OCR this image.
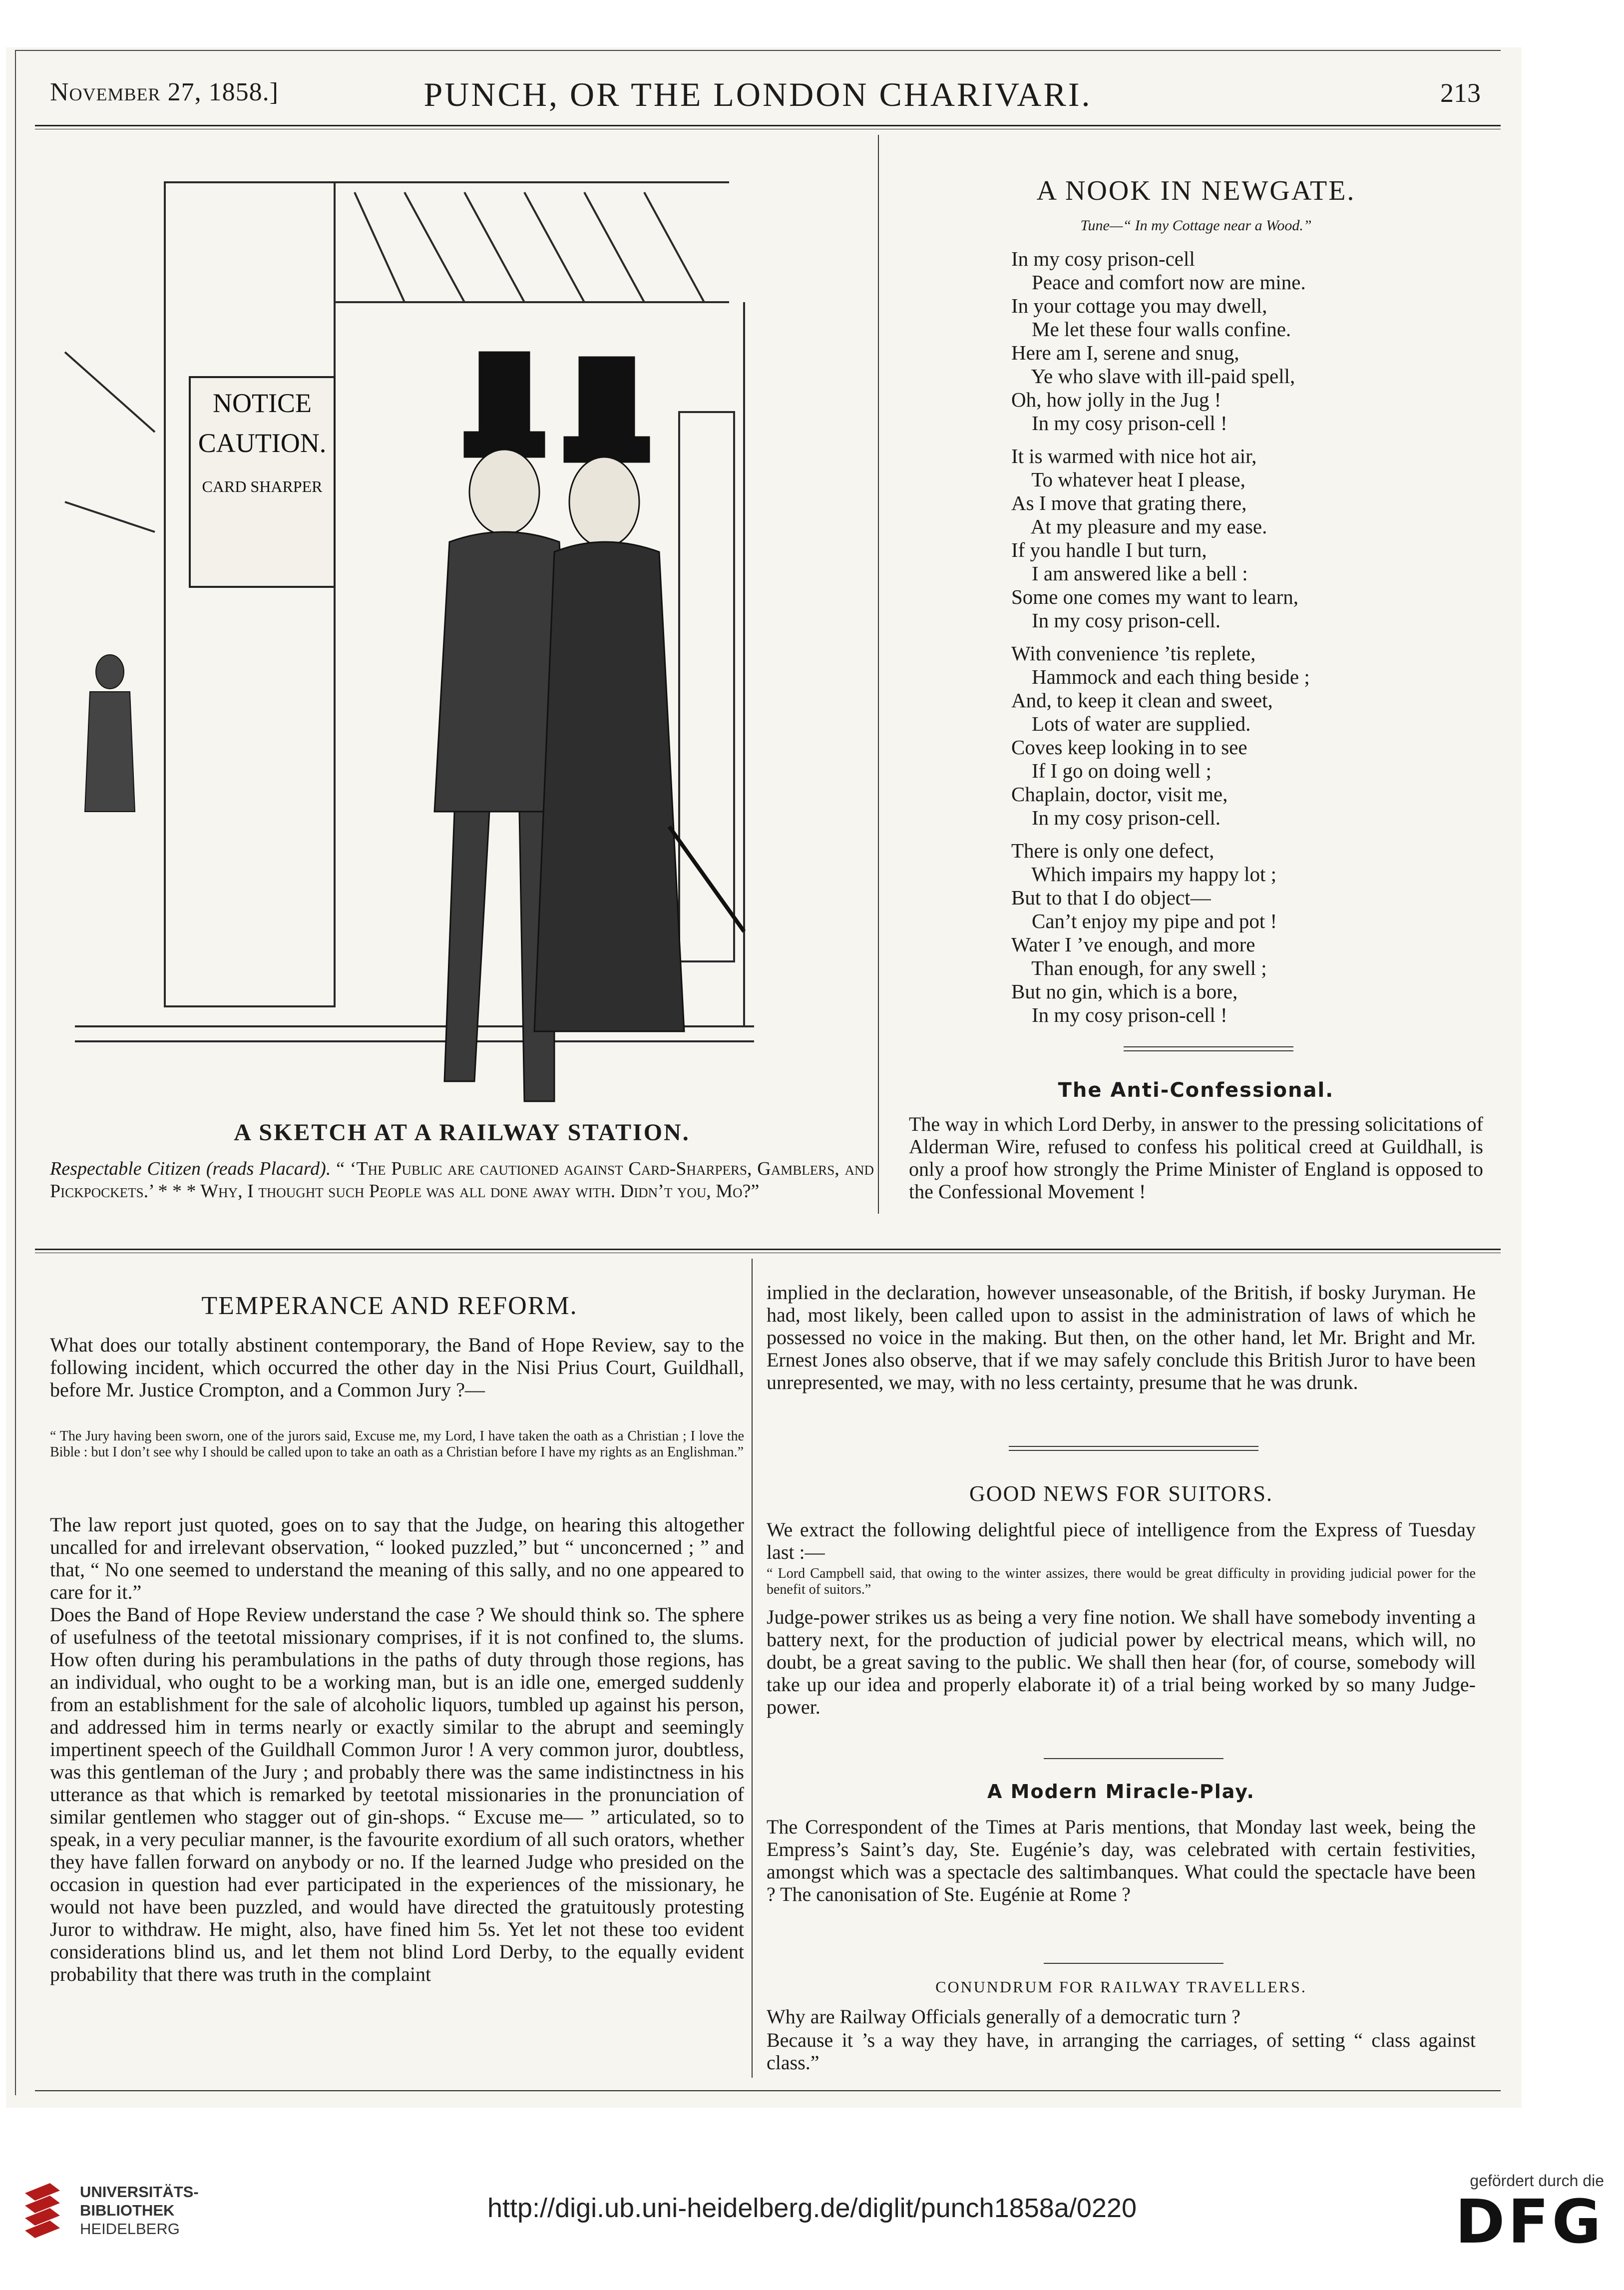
November 27, 1858.]	PUNCH, OR THE LONDON CHARIVARI.	213
NOTICE
CAUTION.
CARD SHARPER
A SKETCH AT A RAILWAY STATION.
Respectable Citizen (reads Placard). “ ‘The Public are cautioned against Card-Sharpers, Gamblers, and Pickpockets.’ * * * Why, I thought such People was all done away with. Didn’t you, Mo?”
A NOOK IN NEWGATE.
Tune—“ In my Cottage near a Wood.”
In my cosy prison-cell
Peace and comfort now are mine.
In your cottage you may dwell,
Me let these four walls confine.
Here am I, serene and snug,
Ye who slave with ill-paid spell,
Oh, how jolly in the Jug !
In my cosy prison-cell !
It is warmed with nice hot air,
To whatever heat I please,
As I move that grating there,
At my pleasure and my ease.
If you handle I but turn,
I am answered like a bell :
Some one comes my want to learn,
In my cosy prison-cell.
With convenience ’tis replete,
Hammock and each thing beside ;
And, to keep it clean and sweet,
Lots of water are supplied.
Coves keep looking in to see
If I go on doing well ;
Chaplain, doctor, visit me,
In my cosy prison-cell.
There is only one defect,
Which impairs my happy lot ;
But to that I do object—
Can’t enjoy my pipe and pot !
Water I ’ve enough, and more
Than enough, for any swell ;
But no gin, which is a bore,
In my cosy prison-cell !
The Anti-Confessional.
The way in which Lord Derby, in answer to the pressing solicitations of Alderman Wire, refused to confess his political creed at Guildhall, is only a proof how strongly the Prime Minister of England is opposed to the Confessional Movement !
TEMPERANCE AND REFORM.
What does our totally abstinent contemporary, the Band of Hope Review, say to the following incident, which occurred the other day in the Nisi Prius Court, Guildhall, before Mr. Justice Crompton, and a Common Jury ?—
“ The Jury having been sworn, one of the jurors said, Excuse me, my Lord, I have taken the oath as a Christian ; I love the Bible : but I don’t see why I should be called upon to take an oath as a Christian before I have my rights as an Englishman.”
The law report just quoted, goes on to say that the Judge, on hearing this altogether uncalled for and irrelevant observation, “ looked puzzled,” but “ unconcerned ; ” and that, “ No one seemed to understand the meaning of this sally, and no one appeared to care for it.”
Does the Band of Hope Review understand the case ? We should think so. The sphere of usefulness of the teetotal missionary comprises, if it is not confined to, the slums. How often during his perambulations in the paths of duty through those regions, has an individual, who ought to be a working man, but is an idle one, emerged suddenly from an establishment for the sale of alcoholic liquors, tumbled up against his person, and addressed him in terms nearly or exactly similar to the abrupt and seemingly impertinent speech of the Guildhall Common Juror ! A very common juror, doubtless, was this gentleman of the Jury ; and probably there was the same indistinctness in his utterance as that which is remarked by teetotal missionaries in the pronunciation of similar gentlemen who stagger out of gin-shops. “ Excuse me— ” articulated, so to speak, in a very peculiar manner, is the favourite exordium of all such orators, whether they have fallen forward on anybody or no. If the learned Judge who presided on the occasion in question had ever participated in the experiences of the missionary, he would not have been puzzled, and would have directed the gratuitously protesting Juror to withdraw. He might, also, have fined him 5s. Yet let not these too evident considerations blind us, and let them not blind Lord Derby, to the equally evident probability that there was truth in the complaint
implied in the declaration, however unseasonable, of the British, if bosky Juryman. He had, most likely, been called upon to assist in the administration of laws of which he possessed no voice in the making. But then, on the other hand, let Mr. Bright and Mr. Ernest Jones also observe, that if we may safely conclude this British Juror to have been unrepresented, we may, with no less certainty, presume that he was drunk.
GOOD NEWS FOR SUITORS.
We extract the following delightful piece of intelligence from the Express of Tuesday last :—
“ Lord Campbell said, that owing to the winter assizes, there would be great difficulty in providing judicial power for the benefit of suitors.”
Judge-power strikes us as being a very fine notion. We shall have somebody inventing a battery next, for the production of judicial power by electrical means, which will, no doubt, be a great saving to the public. We shall then hear (for, of course, somebody will take up our idea and properly elaborate it) of a trial being worked by so many Judge-power.
A Modern Miracle-Play.
The Correspondent of the Times at Paris mentions, that Monday last week, being the Empress’s Saint’s day, Ste. Eugénie’s day, was celebrated with certain festivities, amongst which was a spectacle des saltimbanques. What could the spectacle have been ? The canonisation of Ste. Eugénie at Rome ?
CONUNDRUM FOR RAILWAY TRAVELLERS.
Why are Railway Officials generally of a democratic turn ?
Because it ’s a way they have, in arranging the carriages, of setting “ class against class.”
UNIVERSITÄTS-
BIBLIOTHEK
HEIDELBERG
http://digi.ub.uni-heidelberg.de/diglit/punch1858a/0220
gefördert durch die
DFG
